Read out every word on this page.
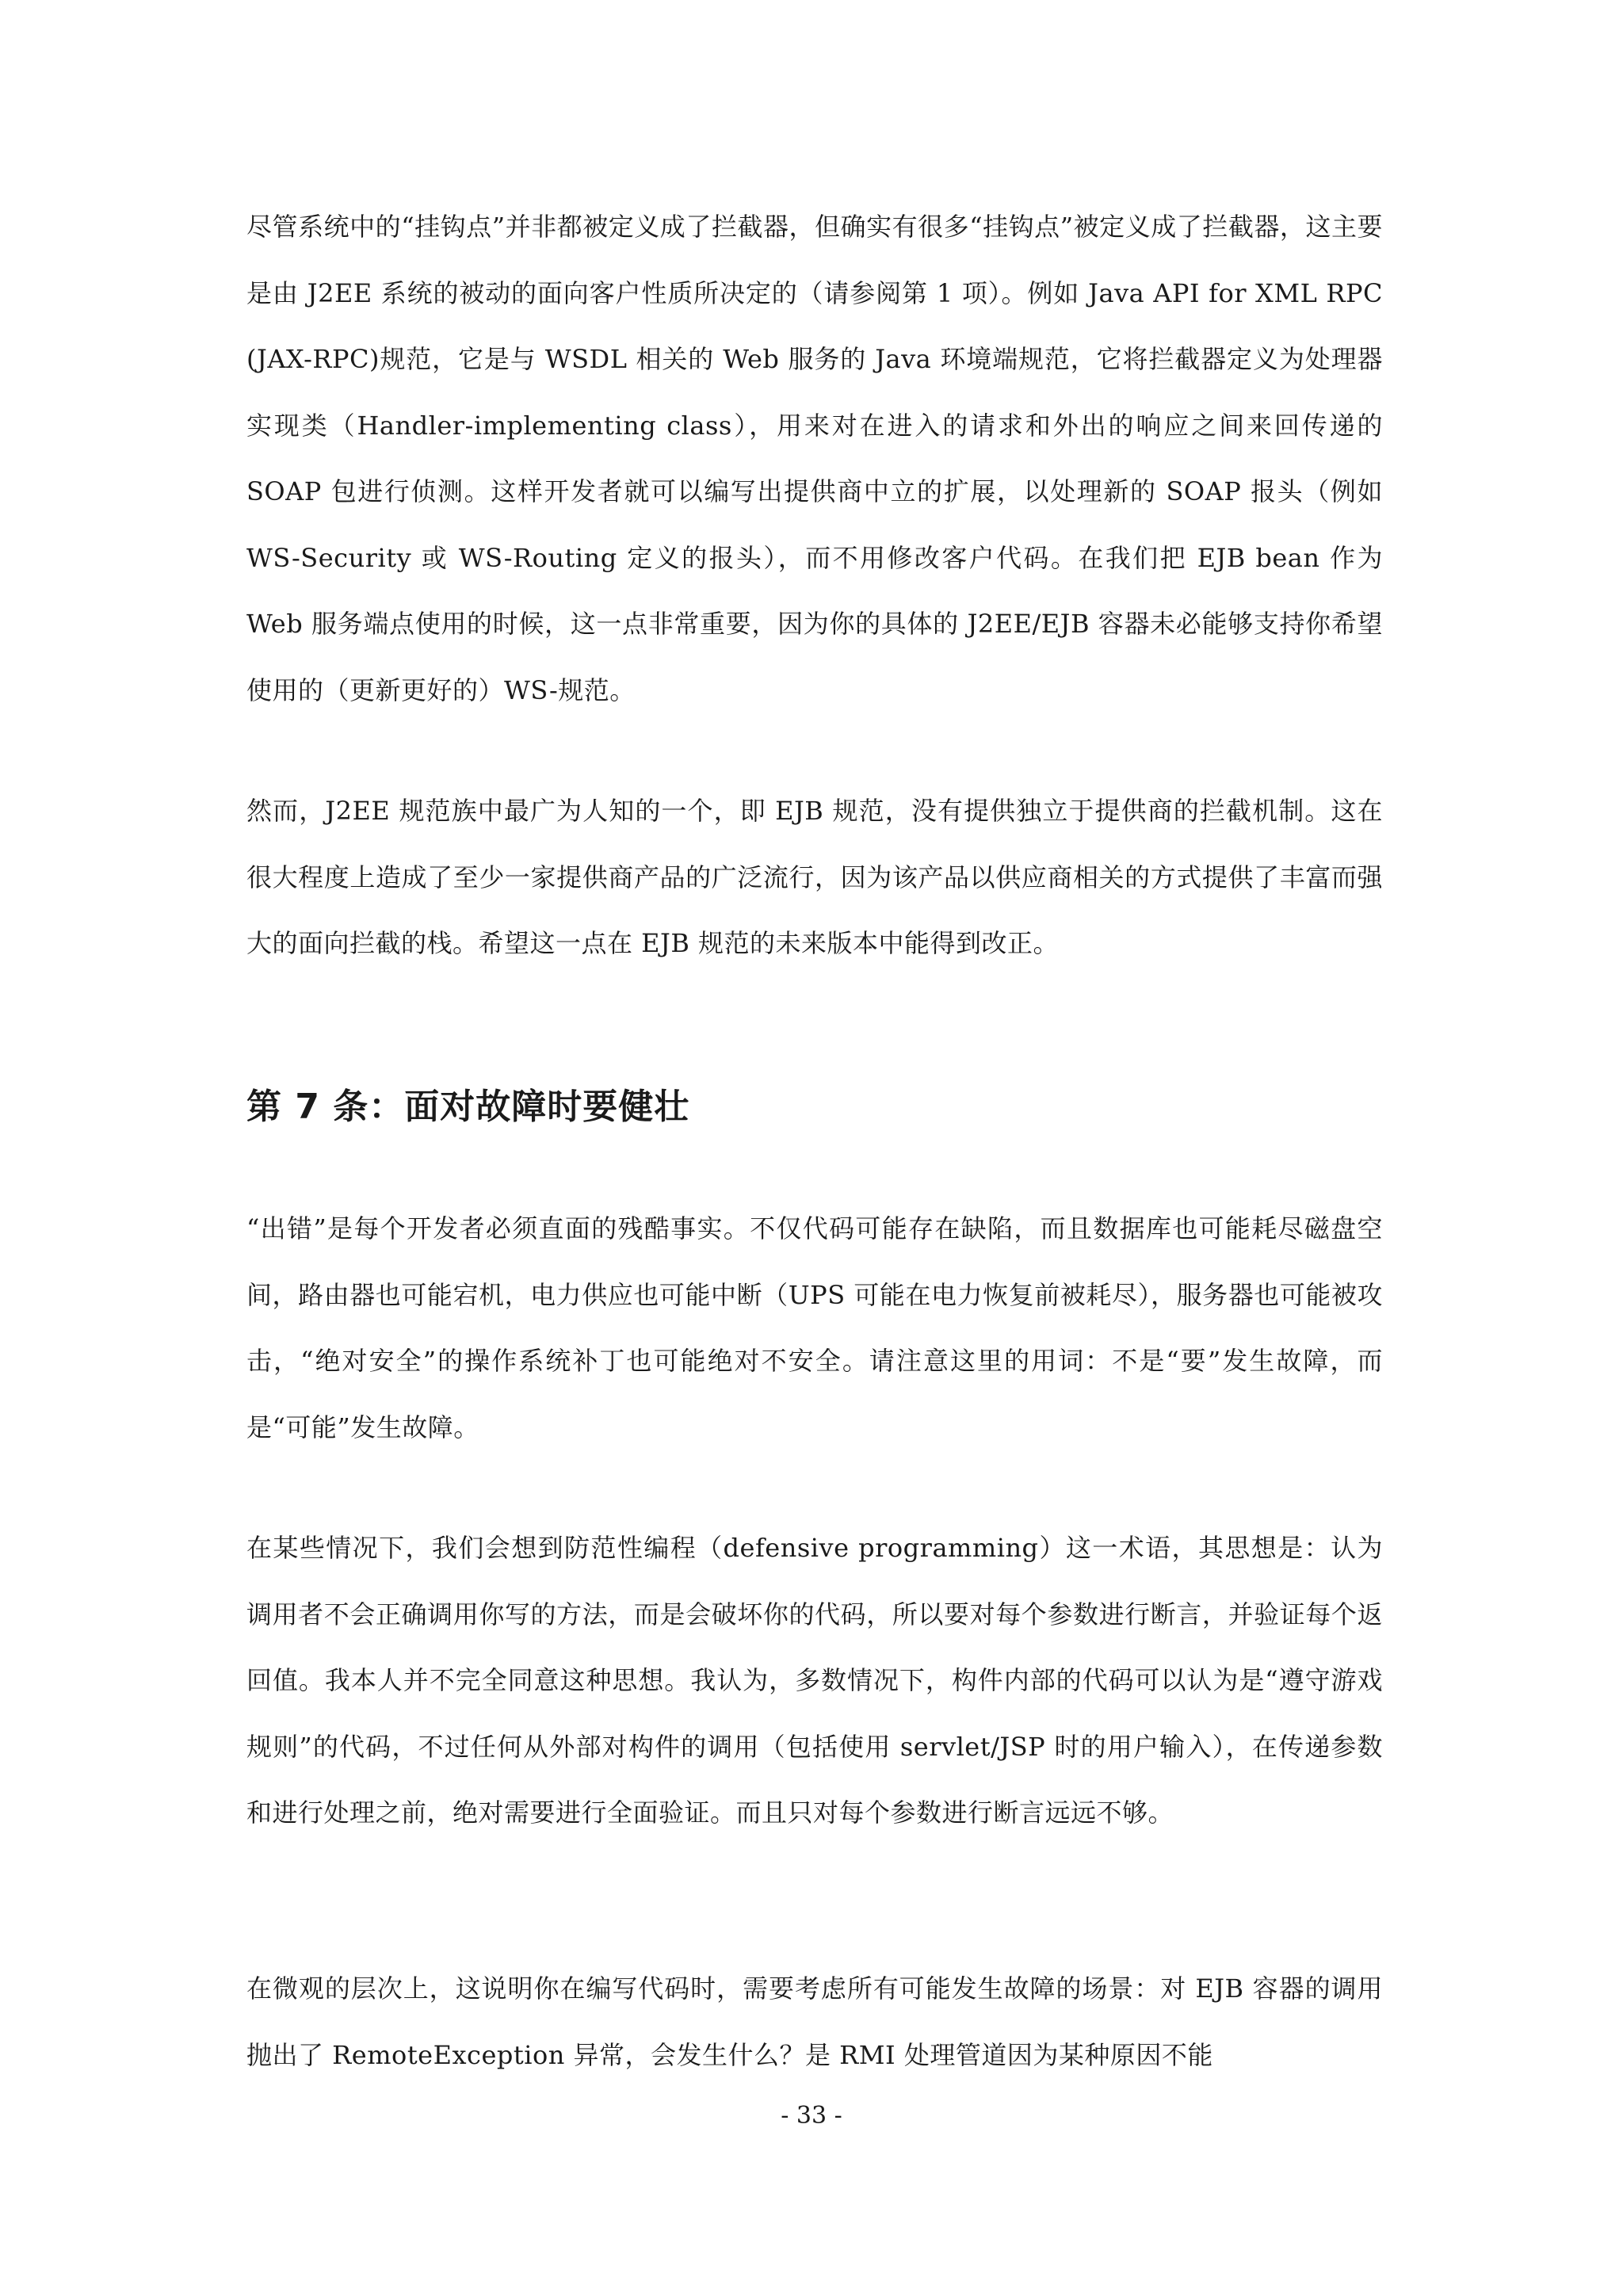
尽管系统中的“挂钩点”并非都被定义成了拦截器，但确实有很多“挂钩点”被定义成了拦截器，这主要是由 J2EE 系统的被动的面向客户性质所决定的（请参阅第 1 项）。例如 Java API for XML RPC (JAX-RPC)规范，它是与 WSDL 相关的 Web 服务的 Java 环境端规范，它将拦截器定义为处理器实现类（Handler-implementing class），用来对在进入的请求和外出的响应之间来回传递的 SOAP 包进行侦测。这样开发者就可以编写出提供商中立的扩展，以处理新的 SOAP 报头（例如 WS-Security 或 WS-Routing 定义的报头），而不用修改客户代码。在我们把 EJB bean 作为 Web 服务端点使用的时候，这一点非常重要，因为你的具体的 J2EE/EJB 容器未必能够支持你希望使用的（更新更好的）WS-规范。

然而，J2EE 规范族中最广为人知的一个，即 EJB 规范，没有提供独立于提供商的拦截机制。这在很大程度上造成了至少一家提供商产品的广泛流行，因为该产品以供应商相关的方式提供了丰富而强大的面向拦截的栈。希望这一点在 EJB 规范的未来版本中能得到改正。

第 7 条：面对故障时要健壮

“出错”是每个开发者必须直面的残酷事实。不仅代码可能存在缺陷，而且数据库也可能耗尽磁盘空间，路由器也可能宕机，电力供应也可能中断（UPS 可能在电力恢复前被耗尽），服务器也可能被攻击，“绝对安全”的操作系统补丁也可能绝对不安全。请注意这里的用词：不是“要”发生故障，而是“可能”发生故障。

在某些情况下，我们会想到防范性编程（defensive programming）这一术语，其思想是：认为调用者不会正确调用你写的方法，而是会破坏你的代码，所以要对每个参数进行断言，并验证每个返回值。我本人并不完全同意这种思想。我认为，多数情况下，构件内部的代码可以认为是“遵守游戏规则”的代码，不过任何从外部对构件的调用（包括使用 servlet/JSP 时的用户输入），在传递参数和进行处理之前，绝对需要进行全面验证。而且只对每个参数进行断言远远不够。

在微观的层次上，这说明你在编写代码时，需要考虑所有可能发生故障的场景：对 EJB 容器的调用抛出了 RemoteException 异常，会发生什么？是 RMI 处理管道因为某种原因不能

- 33 -
